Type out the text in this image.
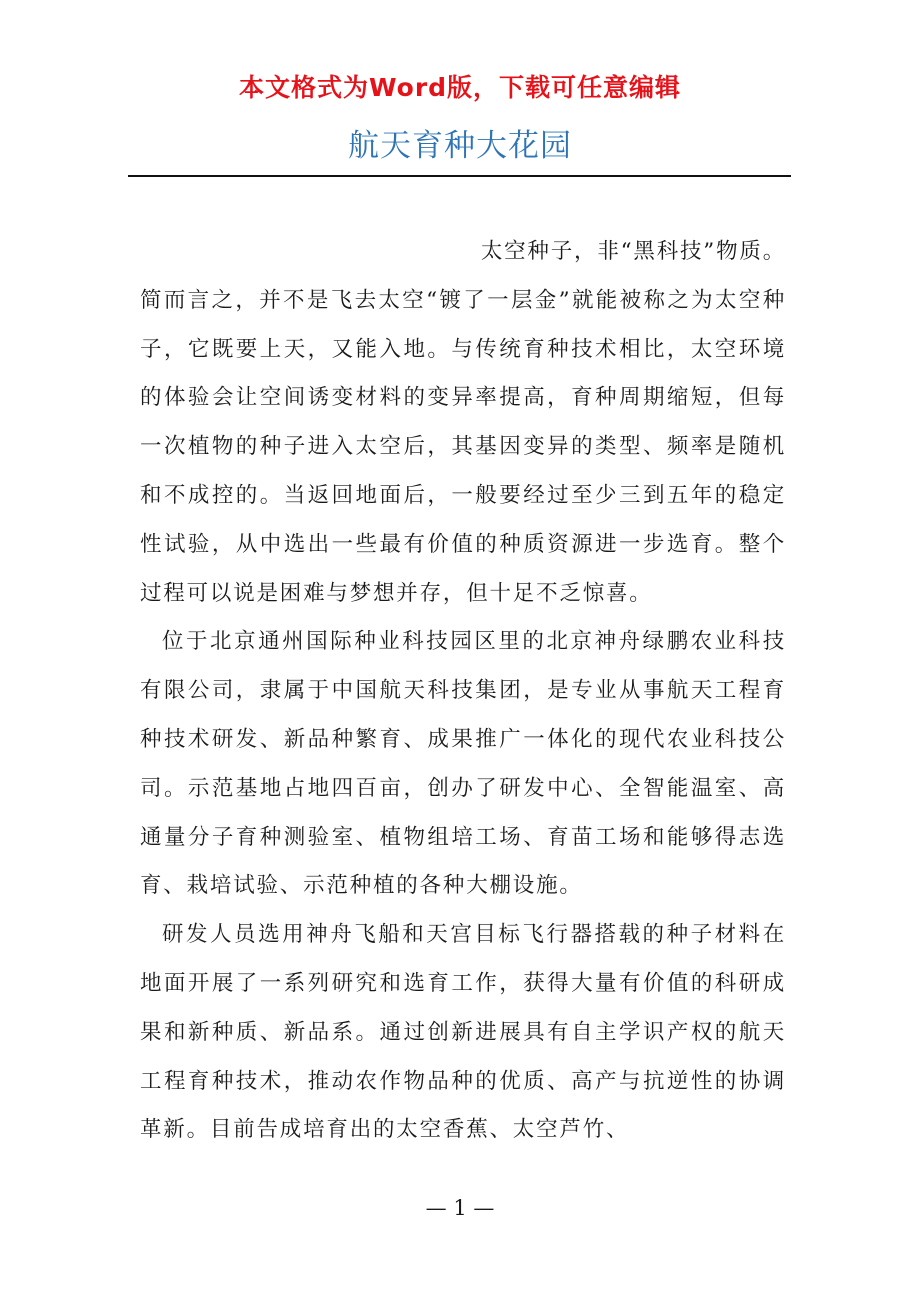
本文格式为Word版，下载可任意编辑
航天育种大花园

太空种子，非“黑科技”物质。
简而言之，并不是飞去太空“镀了一层金”就能被称之为太空种子，它既要上天，又能入地。与传统育种技术相比，太空环境的体验会让空间诱变材料的变异率提高，育种周期缩短，但每一次植物的种子进入太空后，其基因变异的类型、频率是随机和不成控的。当返回地面后，一般要经过至少三到五年的稳定性试验，从中选出一些最有价值的种质资源进一步选育。整个过程可以说是困难与梦想并存，但十足不乏惊喜。

位于北京通州国际种业科技园区里的北京神舟绿鹏农业科技有限公司，隶属于中国航天科技集团，是专业从事航天工程育种技术研发、新品种繁育、成果推广一体化的现代农业科技公司。示范基地占地四百亩，创办了研发中心、全智能温室、高通量分子育种测验室、植物组培工场、育苗工场和能够得志选育、栽培试验、示范种植的各种大棚设施。

研发人员选用神舟飞船和天宫目标飞行器搭载的种子材料在地面开展了一系列研究和选育工作，获得大量有价值的科研成果和新种质、新品系。通过创新进展具有自主学识产权的航天工程育种技术，推动农作物品种的优质、高产与抗逆性的协调革新。目前告成培育出的太空香蕉、太空芦竹、

— 1 —
